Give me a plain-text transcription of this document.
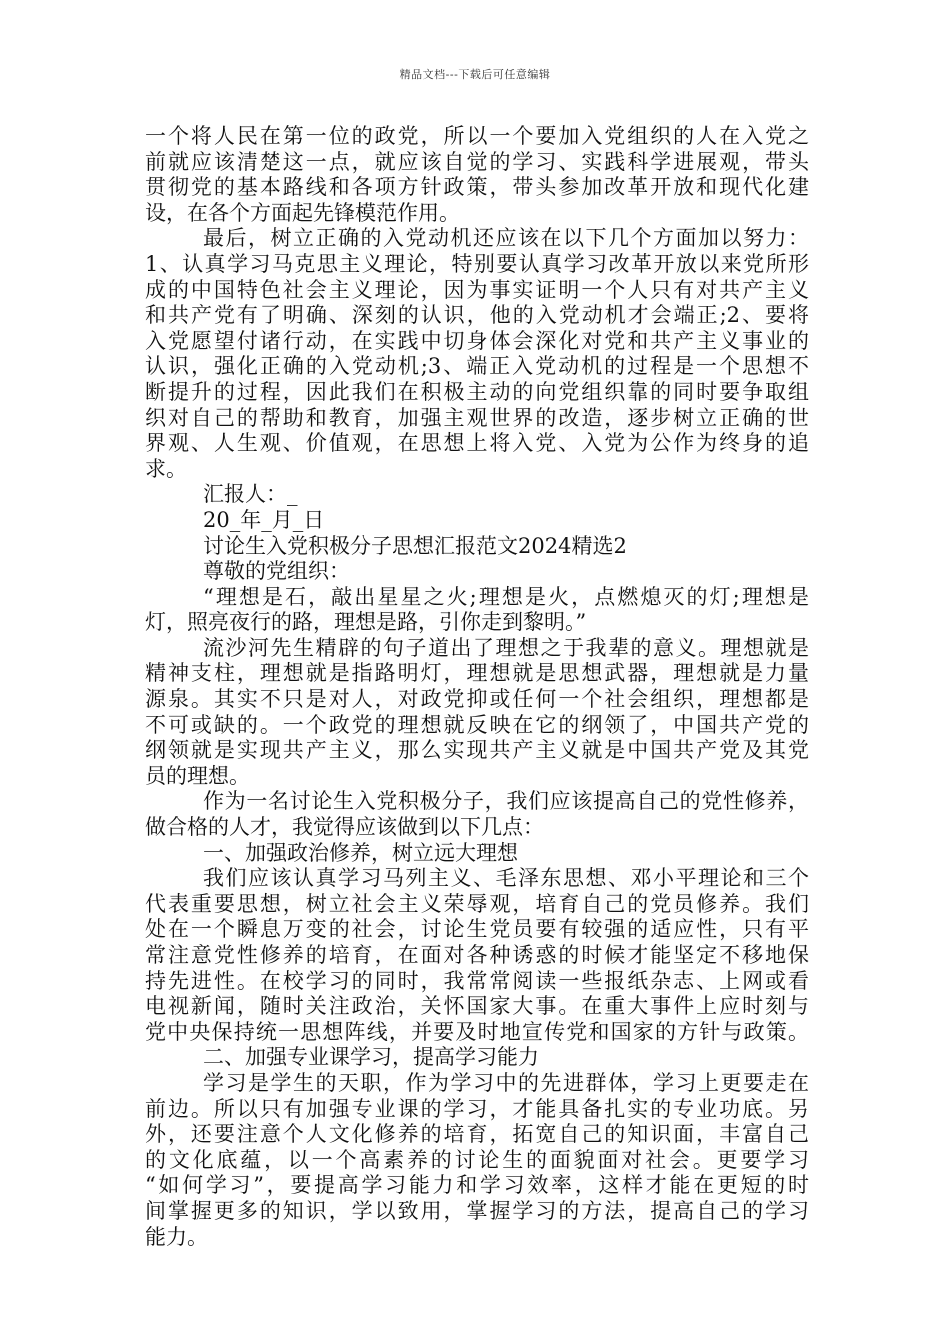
精品文档---下载后可任意编辑
一个将人民在第一位的政党，所以一个要加入党组织的人在入党之
前就应该清楚这一点，就应该自觉的学习、实践科学进展观，带头
贯彻党的基本路线和各项方针政策，带头参加改革开放和现代化建
设，在各个方面起先锋模范作用。
最后，树立正确的入党动机还应该在以下几个方面加以努力：
1、认真学习马克思主义理论，特别要认真学习改革开放以来党所形
成的中国特色社会主义理论，因为事实证明一个人只有对共产主义
和共产党有了明确、深刻的认识，他的入党动机才会端正;2、要将
入党愿望付诸行动，在实践中切身体会深化对党和共产主义事业的
认识，强化正确的入党动机;3、端正入党动机的过程是一个思想不
断提升的过程，因此我们在积极主动的向党组织靠的同时要争取组
织对自己的帮助和教育，加强主观世界的改造，逐步树立正确的世
界观、人生观、价值观，在思想上将入党、入党为公作为终身的追
求。
汇报人：_
20_年_月_日
讨论生入党积极分子思想汇报范文2024精选2
尊敬的党组织：
“理想是石，敲出星星之火;理想是火，点燃熄灭的灯;理想是
灯，照亮夜行的路，理想是路，引你走到黎明。”
流沙河先生精辟的句子道出了理想之于我辈的意义。理想就是
精神支柱，理想就是指路明灯，理想就是思想武器，理想就是力量
源泉。其实不只是对人，对政党抑或任何一个社会组织，理想都是
不可或缺的。一个政党的理想就反映在它的纲领了，中国共产党的
纲领就是实现共产主义，那么实现共产主义就是中国共产党及其党
员的理想。
作为一名讨论生入党积极分子，我们应该提高自己的党性修养，
做合格的人才，我觉得应该做到以下几点：
一、加强政治修养，树立远大理想
我们应该认真学习马列主义、毛泽东思想、邓小平理论和三个
代表重要思想，树立社会主义荣辱观，培育自己的党员修养。我们
处在一个瞬息万变的社会，讨论生党员要有较强的适应性，只有平
常注意党性修养的培育，在面对各种诱惑的时候才能坚定不移地保
持先进性。在校学习的同时，我常常阅读一些报纸杂志、上网或看
电视新闻，随时关注政治，关怀国家大事。在重大事件上应时刻与
党中央保持统一思想阵线，并要及时地宣传党和国家的方针与政策。
二、加强专业课学习，提高学习能力
学习是学生的天职，作为学习中的先进群体，学习上更要走在
前边。所以只有加强专业课的学习，才能具备扎实的专业功底。另
外，还要注意个人文化修养的培育，拓宽自己的知识面，丰富自己
的文化底蕴，以一个高素养的讨论生的面貌面对社会。更要学习
“如何学习”，要提高学习能力和学习效率，这样才能在更短的时
间掌握更多的知识，学以致用，掌握学习的方法，提高自己的学习
能力。
